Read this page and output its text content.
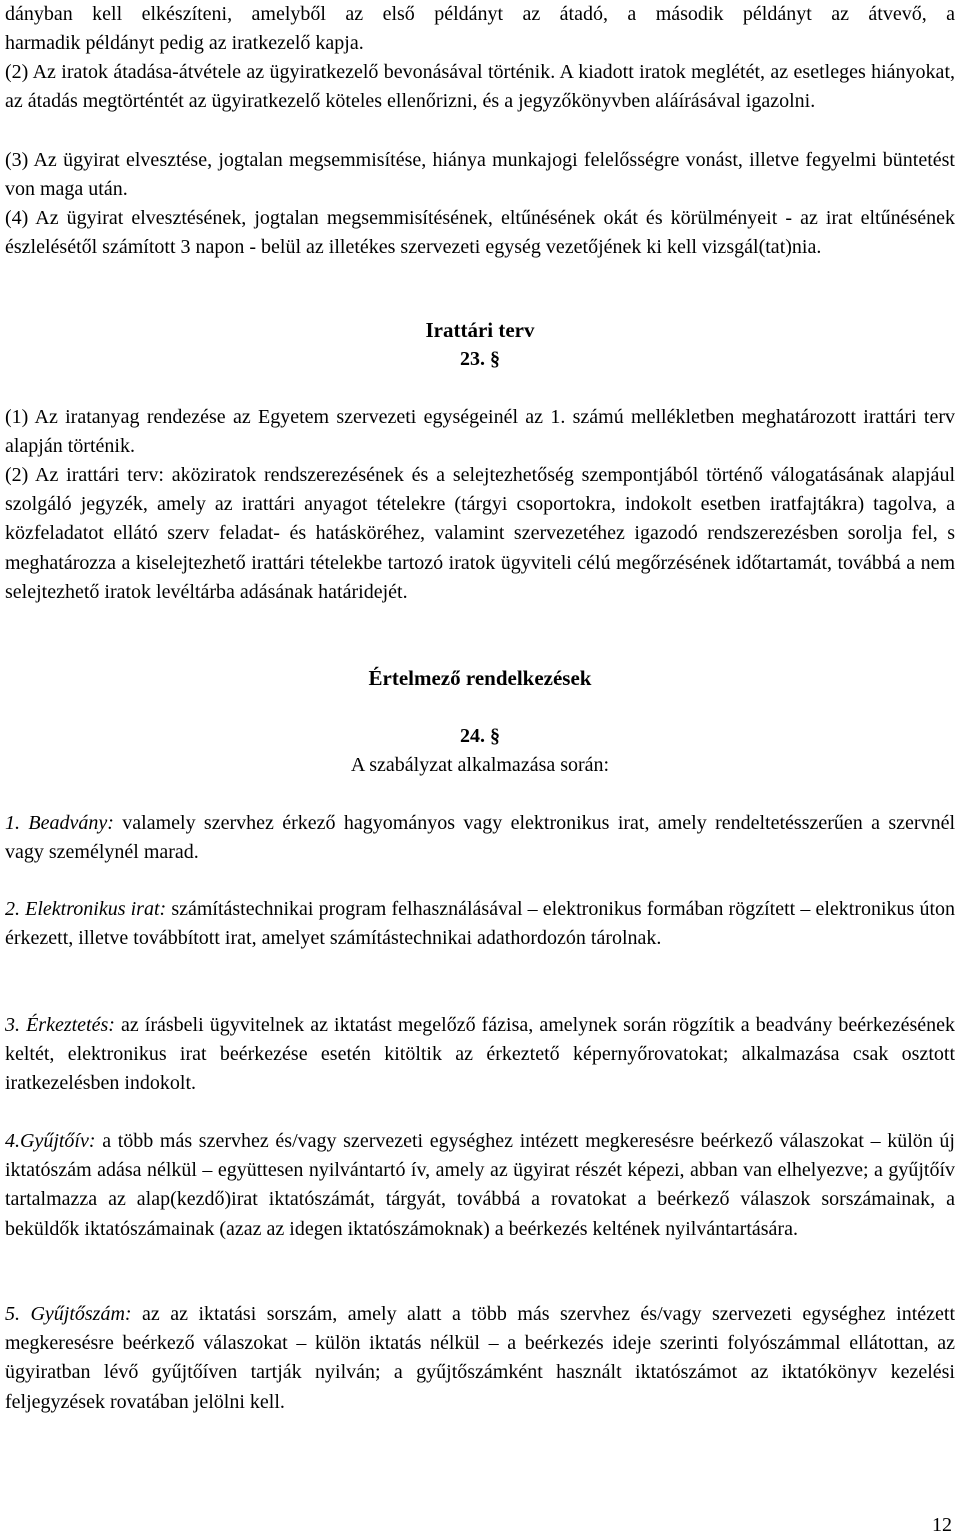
dányban kell elkészíteni, amelyből az első példányt az átadó, a második példányt az átvevő, a

harmadik példányt pedig az iratkezelő kapja.

(2) Az iratok átadása-átvétele az ügyiratkezelő bevonásával történik. A kiadott iratok meglétét, az esetleges hiányokat, az átadás megtörténtét az ügyiratkezelő köteles ellenőrizni, és a jegyzőkönyvben aláírásával igazolni.

(3) Az ügyirat elvesztése, jogtalan megsemmisítése, hiánya munkajogi felelősségre vonást, illetve fegyelmi büntetést von maga után.

(4) Az ügyirat elvesztésének, jogtalan megsemmisítésének, eltűnésének okát és körülményeit - az irat eltűnésének észlelésétől számított 3 napon - belül az illetékes szervezeti egység vezetőjének ki kell vizsgál(tat)nia.

Irattári terv

23. §

(1) Az iratanyag rendezése az Egyetem szervezeti egységeinél az 1. számú mellékletben meghatározott irattári terv alapján történik.

(2) Az irattári terv: aköziratok rendszerezésének és a selejtezhetőség szempontjából történő válogatásának alapjául szolgáló jegyzék, amely az irattári anyagot tételekre (tárgyi csoportokra, indokolt esetben iratfajtákra) tagolva, a közfeladatot ellátó szerv feladat- és hatásköréhez, valamint szervezetéhez igazodó rendszerezésben sorolja fel, s meghatározza a kiselejtezhető irattári tételekbe tartozó iratok ügyviteli célú megőrzésének időtartamát, továbbá a nem selejtezhető iratok levéltárba adásának határidejét.

Értelmező rendelkezések

24. §

A szabályzat alkalmazása során:

1. Beadvány: valamely szervhez érkező hagyományos vagy elektronikus irat, amely rendeltetésszerűen a szervnél vagy személynél marad.

2. Elektronikus irat: számítástechnikai program felhasználásával – elektronikus formában rögzített – elektronikus úton érkezett, illetve továbbított irat, amelyet számítástechnikai adathordozón tárolnak.

3. Érkeztetés: az írásbeli ügyvitelnek az iktatást megelőző fázisa, amelynek során rögzítik a beadvány beérkezésének keltét, elektronikus irat beérkezése esetén kitöltik az érkeztető képernyőrovatokat; alkalmazása csak osztott iratkezelésben indokolt.

4.Gyűjtőív: a több más szervhez és/vagy szervezeti egységhez intézett megkeresésre beérkező válaszokat – külön új iktatószám adása nélkül – együttesen nyilvántartó ív, amely az ügyirat részét képezi, abban van elhelyezve; a gyűjtőív tartalmazza az alap(kezdő)irat iktatószámát, tárgyát, továbbá a rovatokat a beérkező válaszok sorszámainak, a beküldők iktatószámainak (azaz az idegen iktatószámoknak) a beérkezés keltének nyilvántartására.

5. Gyűjtőszám: az az iktatási sorszám, amely alatt a több más szervhez és/vagy szervezeti egységhez intézett megkeresésre beérkező válaszokat – külön iktatás nélkül – a beérkezés ideje szerinti folyószámmal ellátottan, az ügyiratban lévő gyűjtőíven tartják nyilván; a gyűjtőszámként használt iktatószámot az iktatókönyv kezelési feljegyzések rovatában jelölni kell.

12
